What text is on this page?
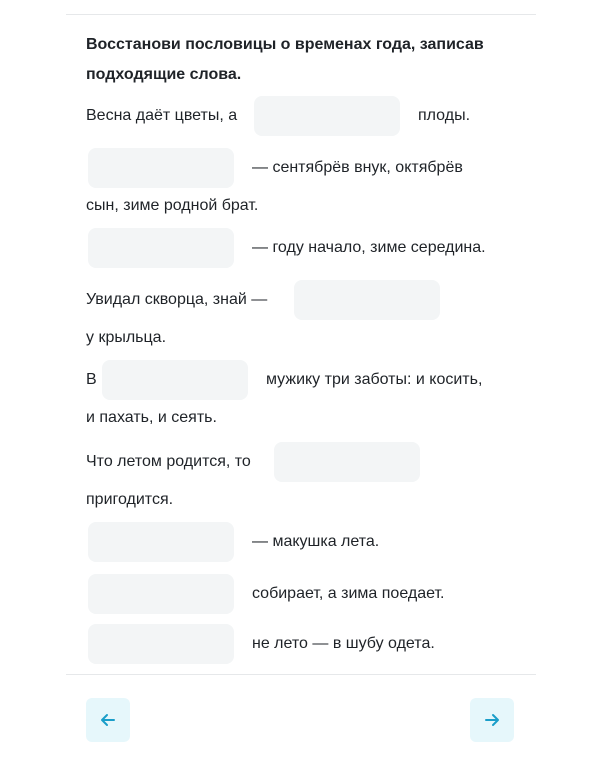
Восстанови пословицы о временах года, записав подходящие слова.
Весна даёт цветы, а	плоды.
— сентябрёв внук, октябрёв
сын, зиме родной брат.
— году начало, зиме середина.
Увидал скворца, знай —
у крыльца.
В	мужику три заботы: и косить,
и пахать, и сеять.
Что летом родится, то
пригодится.
— макушка лета.
собирает, а зима поедает.
не лето — в шубу одета.
